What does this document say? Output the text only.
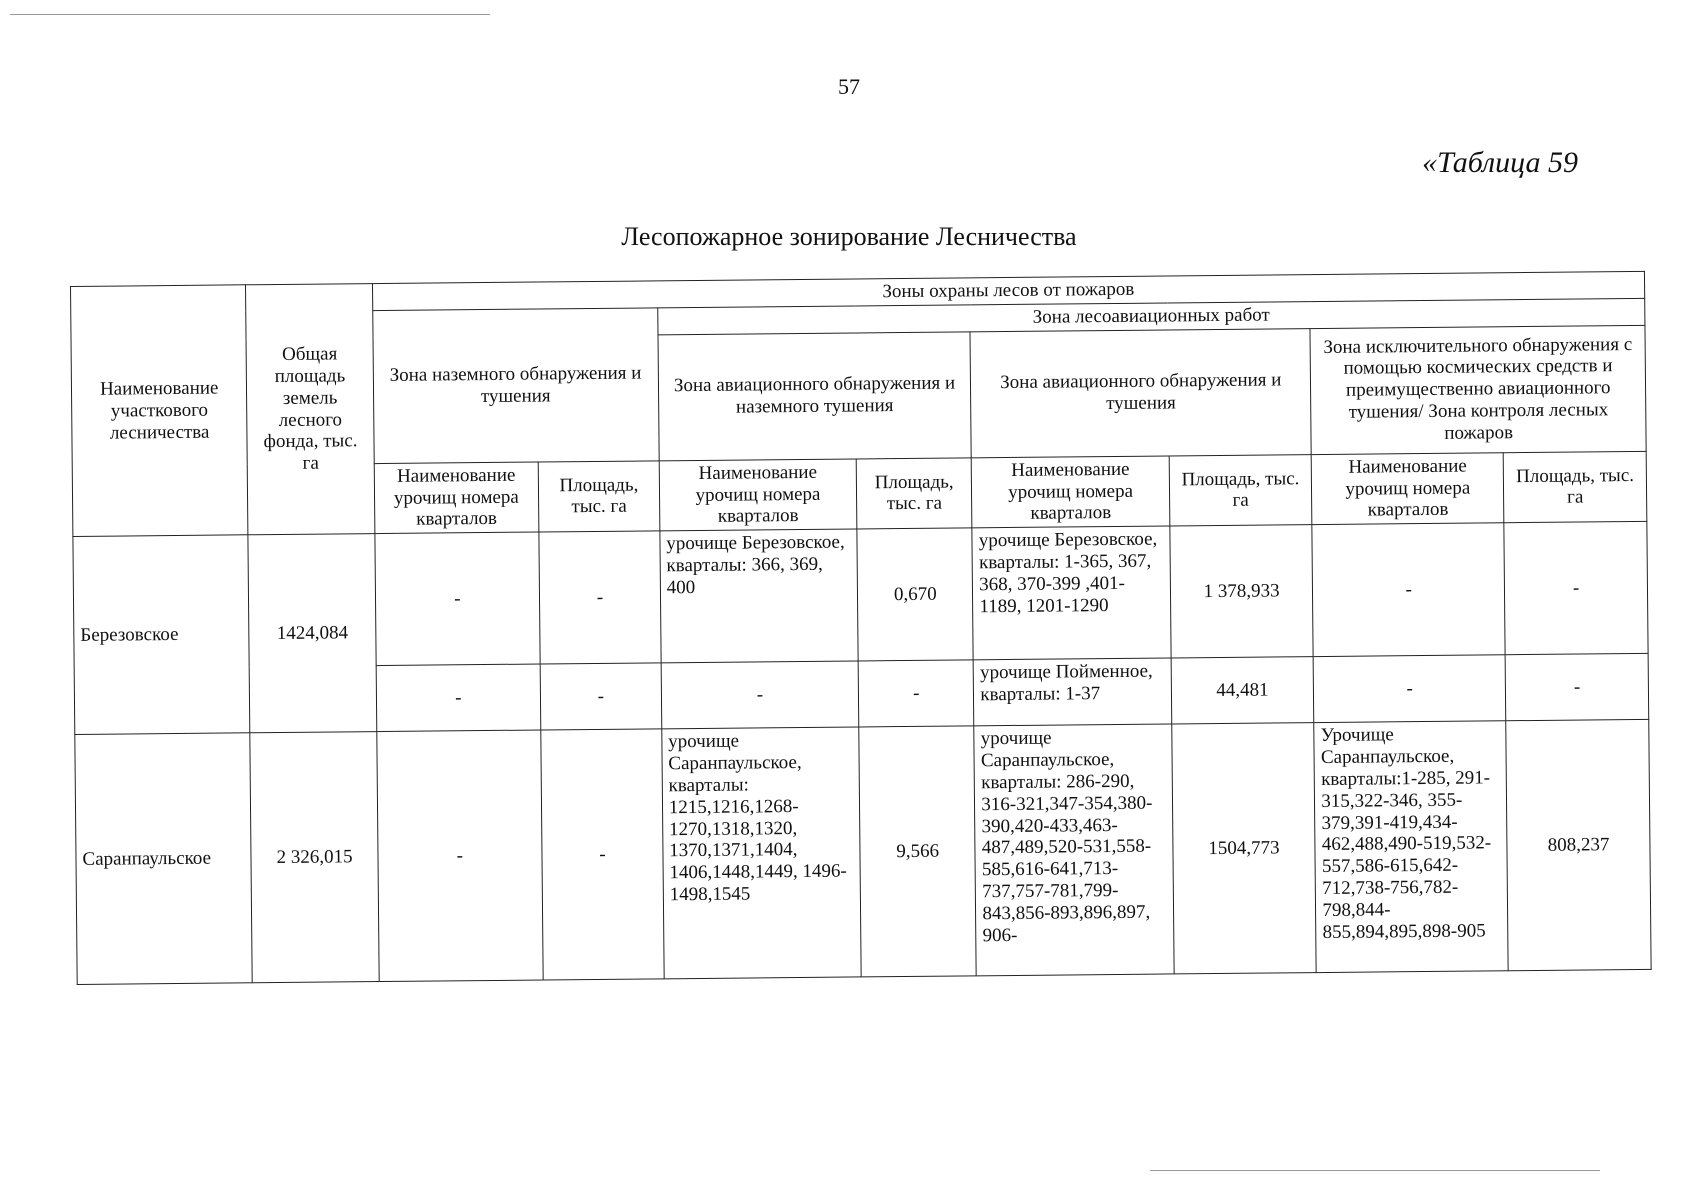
57
«Таблица 59
Лесопожарное зонирование Лесничества
Наименование участкового лесничества	Общая площадь земель лесного фонда, тыс. га	Зоны охраны лесов от пожаров							
		Зона наземного обнаружения и тушения		Зона лесоавиационных работ					
				Зона авиационного обнаружения и наземного тушения		Зона авиационного обнаружения и тушения		Зона исключительного обнаружения с помощью космических средств и преимущественно авиационного тушения/ Зона контроля лесных пожаров	
		Наименование урочищ номера кварталов	Площадь, тыс. га	Наименование урочищ номера кварталов	Площадь, тыс. га	Наименование урочищ номера кварталов	Площадь, тыс. га	Наименование урочищ номера кварталов	Площадь, тыс. га
Березовское	1424,084	-	-	урочище Березовское, кварталы: 366, 369, 400	0,670	урочище Березовское, кварталы: 1-365, 367, 368, 370-399 ,401-1189, 1201-1290	1 378,933	-	-
		-	-	-	-	урочище Пойменное, кварталы: 1-37	44,481	-	-
Саранпаульское	2 326,015	-	-	урочище Саранпаульское, кварталы: 1215,1216,1268-1270,1318,1320, 1370,1371,1404, 1406,1448,1449, 1496-1498,1545	9,566	урочище Саранпаульское, кварталы: 286-290, 316-321,347-354,380-390,420-433,463-487,489,520-531,558-585,616-641,713-737,757-781,799-843,856-893,896,897, 906-	1504,773	Урочище Саранпаульское, кварталы:1-285, 291-315,322-346, 355-379,391-419,434-462,488,490-519,532-557,586-615,642-712,738-756,782-798,844-855,894,895,898-905	808,237
